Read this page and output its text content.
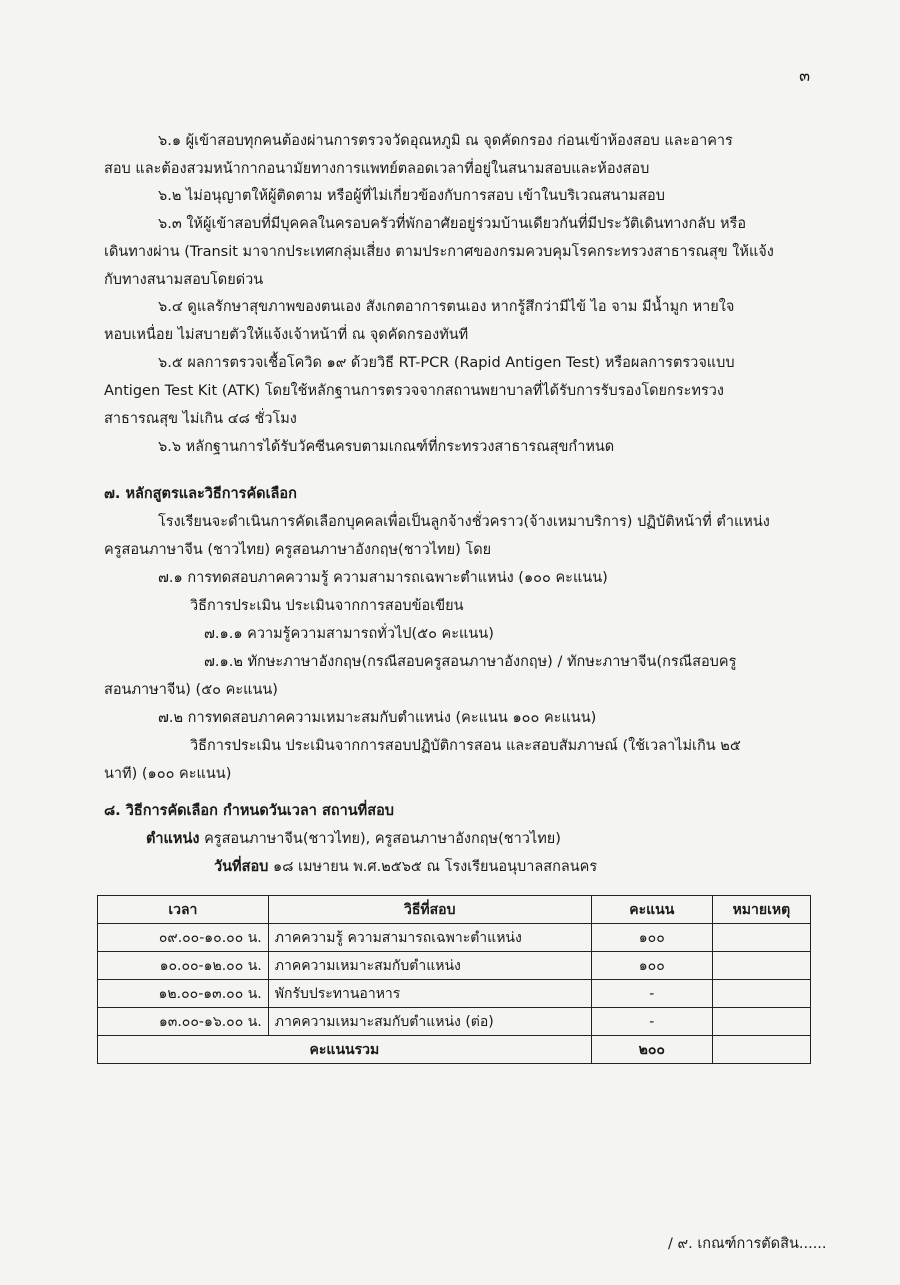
๓
๖.๑ ผู้เข้าสอบทุกคนต้องผ่านการตรวจวัดอุณหภูมิ ณ จุดคัดกรอง ก่อนเข้าห้องสอบ และอาคาร
สอบ และต้องสวมหน้ากากอนามัยทางการแพทย์ตลอดเวลาที่อยู่ในสนามสอบและห้องสอบ
๖.๒ ไม่อนุญาตให้ผู้ติดตาม หรือผู้ที่ไม่เกี่ยวข้องกับการสอบ เข้าในบริเวณสนามสอบ
๖.๓ ให้ผู้เข้าสอบที่มีบุคคลในครอบครัวที่พักอาศัยอยู่ร่วมบ้านเดียวกันที่มีประวัติเดินทางกลับ หรือ
เดินทางผ่าน (Transit มาจากประเทศกลุ่มเสี่ยง ตามประกาศของกรมควบคุมโรคกระทรวงสาธารณสุข ให้แจ้ง
กับทางสนามสอบโดยด่วน
๖.๔ ดูแลรักษาสุขภาพของตนเอง สังเกตอาการตนเอง หากรู้สึกว่ามีไข้ ไอ จาม มีน้ำมูก หายใจ
หอบเหนื่อย ไม่สบายตัวให้แจ้งเจ้าหน้าที่ ณ จุดคัดกรองทันที
๖.๕ ผลการตรวจเชื้อโควิด ๑๙ ด้วยวิธี RT-PCR (Rapid Antigen Test) หรือผลการตรวจแบบ
Antigen Test Kit (ATK) โดยใช้หลักฐานการตรวจจากสถานพยาบาลที่ได้รับการรับรองโดยกระทรวง
สาธารณสุข ไม่เกิน ๔๘ ชั่วโมง
๖.๖ หลักฐานการได้รับวัคซีนครบตามเกณฑ์ที่กระทรวงสาธารณสุขกำหนด
๗. หลักสูตรและวิธีการคัดเลือก
โรงเรียนจะดำเนินการคัดเลือกบุคคลเพื่อเป็นลูกจ้างชั่วคราว(จ้างเหมาบริการ) ปฏิบัติหน้าที่ ตำแหน่ง
ครูสอนภาษาจีน (ชาวไทย) ครูสอนภาษาอังกฤษ(ชาวไทย) โดย
๗.๑ การทดสอบภาคความรู้ ความสามารถเฉพาะตำแหน่ง (๑๐๐ คะแนน)
วิธีการประเมิน ประเมินจากการสอบข้อเขียน
๗.๑.๑ ความรู้ความสามารถทั่วไป(๕๐ คะแนน)
๗.๑.๒ ทักษะภาษาอังกฤษ(กรณีสอบครูสอนภาษาอังกฤษ) / ทักษะภาษาจีน(กรณีสอบครู
สอนภาษาจีน) (๕๐ คะแนน)
๗.๒ การทดสอบภาคความเหมาะสมกับตำแหน่ง (คะแนน ๑๐๐ คะแนน)
วิธีการประเมิน ประเมินจากการสอบปฏิบัติการสอน และสอบสัมภาษณ์ (ใช้เวลาไม่เกิน ๒๕
นาที) (๑๐๐ คะแนน)
๘. วิธีการคัดเลือก กำหนดวันเวลา สถานที่สอบ
ตำแหน่ง ครูสอนภาษาจีน(ชาวไทย), ครูสอนภาษาอังกฤษ(ชาวไทย)
วันที่สอบ ๑๘ เมษายน พ.ศ.๒๕๖๕ ณ โรงเรียนอนุบาลสกลนคร
เวลา	วิธีที่สอบ	คะแนน	หมายเหตุ
๐๙.๐๐-๑๐.๐๐ น.	ภาคความรู้ ความสามารถเฉพาะตำแหน่ง	๑๐๐	
๑๐.๐๐-๑๒.๐๐ น.	ภาคความเหมาะสมกับตำแหน่ง	๑๐๐	
๑๒.๐๐-๑๓.๐๐ น.	พักรับประทานอาหาร	-	
๑๓.๐๐-๑๖.๐๐ น.	ภาคความเหมาะสมกับตำแหน่ง (ต่อ)	-	
คะแนนรวม		๒๐๐	
/ ๙. เกณฑ์การตัดสิน......
